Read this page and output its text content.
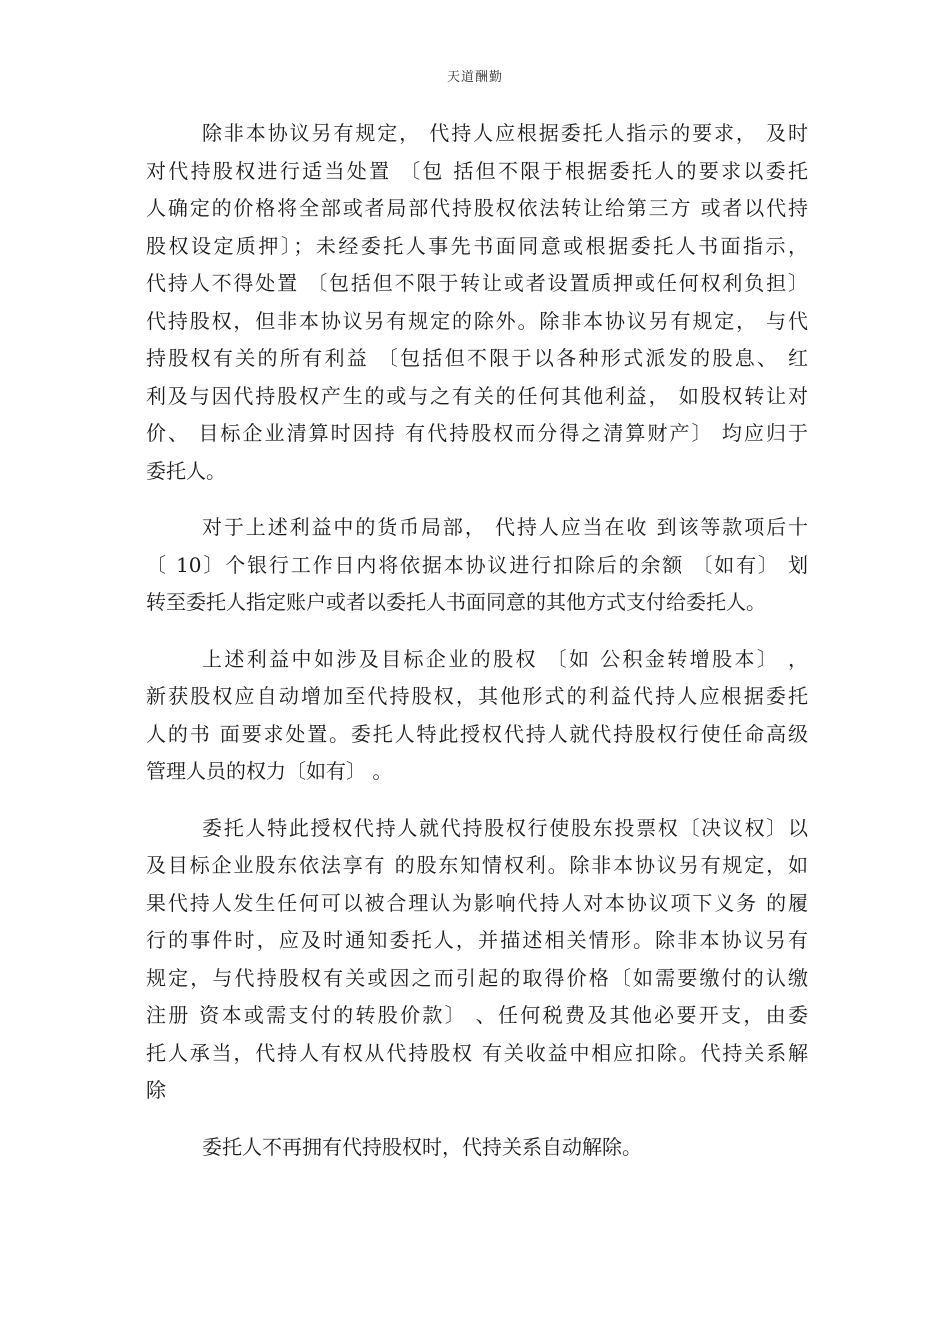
天道酬勤

除非本协议另有规定， 代持人应根据委托人指示的要求， 及时
对代持股权进行适当处置 〔包 括但不限于根据委托人的要求以委托
人确定的价格将全部或者局部代持股权依法转让给第三方 或者以代持
股权设定质押〕；未经委托人事先书面同意或根据委托人书面指示，
代持人不得处置 〔包括但不限于转让或者设置质押或任何权利负担〕
代持股权，但非本协议另有规定的除外。除非本协议另有规定， 与代
持股权有关的所有利益 〔包括但不限于以各种形式派发的股息、 红
利及与因代持股权产生的或与之有关的任何其他利益， 如股权转让对
价、 目标企业清算时因持 有代持股权而分得之清算财产〕 均应归于
委托人。

对于上述利益中的货币局部， 代持人应当在收 到该等款项后十
〔 10〕个银行工作日内将依据本协议进行扣除后的余额 〔如有〕 划
转至委托人指定账户或者以委托人书面同意的其他方式支付给委托人。

上述利益中如涉及目标企业的股权 〔如 公积金转增股本〕 ，
新获股权应自动增加至代持股权，其他形式的利益代持人应根据委托
人的书 面要求处置。委托人特此授权代持人就代持股权行使任命高级
管理人员的权力〔如有〕 。

委托人特此授权代持人就代持股权行使股东投票权〔决议权〕以
及目标企业股东依法享有 的股东知情权利。除非本协议另有规定，如
果代持人发生任何可以被合理认为影响代持人对本协议项下义务 的履
行的事件时，应及时通知委托人，并描述相关情形。除非本协议另有
规定，与代持股权有关或因之而引起的取得价格〔如需要缴付的认缴
注册 资本或需支付的转股价款〕 、任何税费及其他必要开支，由委
托人承当，代持人有权从代持股权 有关收益中相应扣除。代持关系解
除

委托人不再拥有代持股权时，代持关系自动解除。
